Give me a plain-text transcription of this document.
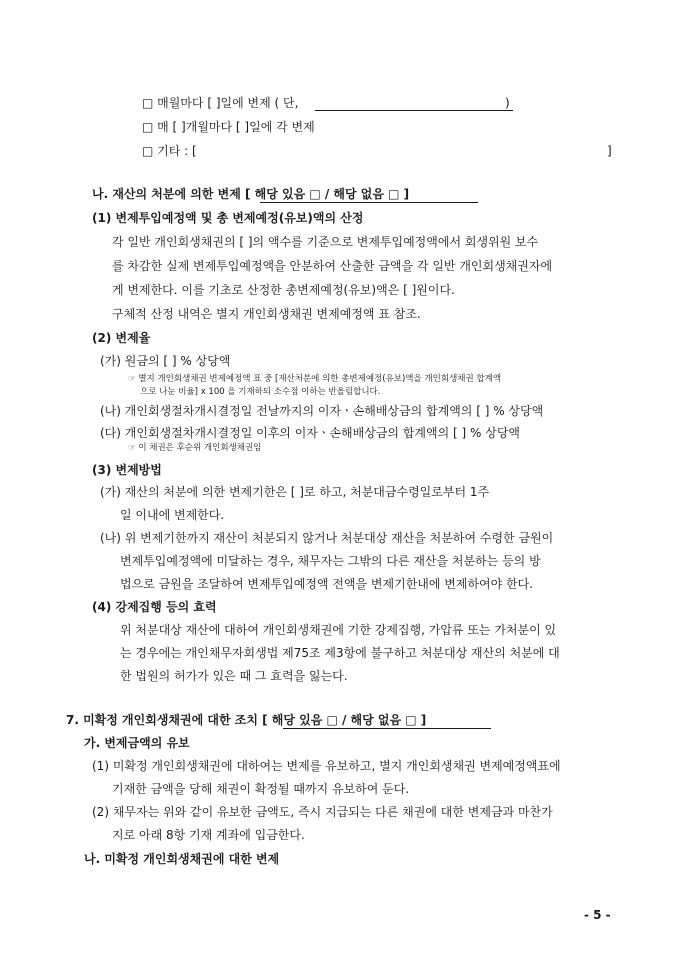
□ 매월마다 [ ]일에 변제 ( 단,	)
□ 매 [ ]개월마다 [ ]일에 각 변제
□ 기타 : [	]
나. 재산의 처분에 의한 변제 [ 해당 있음 □ / 해당 없음 □ ]
(1) 변제투입예정액 및 총 변제예정(유보)액의 산정
각 일반 개인회생채권의 [ ]의 액수를 기준으로 변제투입예정액에서 회생위원 보수
를 차감한 실제 변제투입예정액을 안분하여 산출한 금액을 각 일반 개인회생채권자에
게 변제한다. 이를 기초로 산정한 총변제예정(유보)액은 [ ]원이다.
구체적 산정 내역은 별지 개인회생채권 변제예정액 표 참조.
(2) 변제율
(가) 원금의 [ ] % 상당액
☞ 별지 개인회생채권 변제예정액 표 중 [재산처분에 의한 총변제예정(유보)액을 개인회생채권 합계액
으로 나눈 비율] x 100 을 기재하되 소수점 이하는 반올림합니다.
(나) 개인회생절차개시결정일 전날까지의 이자ㆍ손해배상금의 합계액의 [ ] % 상당액
(다) 개인회생절차개시결정일 이후의 이자ㆍ손해배상금의 합계액의 [ ] % 상당액
☞ 이 채권은 후순위 개인회생채권임
(3) 변제방법
(가) 재산의 처분에 의한 변제기한은 [ ]로 하고, 처분대금수령일로부터 1주
일 이내에 변제한다.
(나) 위 변제기한까지 재산이 처분되지 않거나 처분대상 재산을 처분하여 수령한 금원이
변제투입예정액에 미달하는 경우, 채무자는 그밖의 다른 재산을 처분하는 등의 방
법으로 금원을 조달하여 변제투입예정액 전액을 변제기한내에 변제하여야 한다.
(4) 강제집행 등의 효력
위 처분대상 재산에 대하여 개인회생채권에 기한 강제집행, 가압류 또는 가처분이 있
는 경우에는 개인채무자회생법 제75조 제3항에 불구하고 처분대상 재산의 처분에 대
한 법원의 허가가 있은 때 그 효력을 잃는다.
7. 미확정 개인회생채권에 대한 조치 [ 해당 있음 □ / 해당 없음 □ ]
가. 변제금액의 유보
(1) 미확정 개인회생채권에 대하여는 변제를 유보하고, 별지 개인회생채권 변제예정액표에
기재한 금액을 당해 채권이 확정될 때까지 유보하여 둔다.
(2) 채무자는 위와 같이 유보한 금액도, 즉시 지급되는 다른 채권에 대한 변제금과 마찬가
지로 아래 8항 기재 계좌에 입금한다.
나. 미확정 개인회생채권에 대한 변제
- 5 -
